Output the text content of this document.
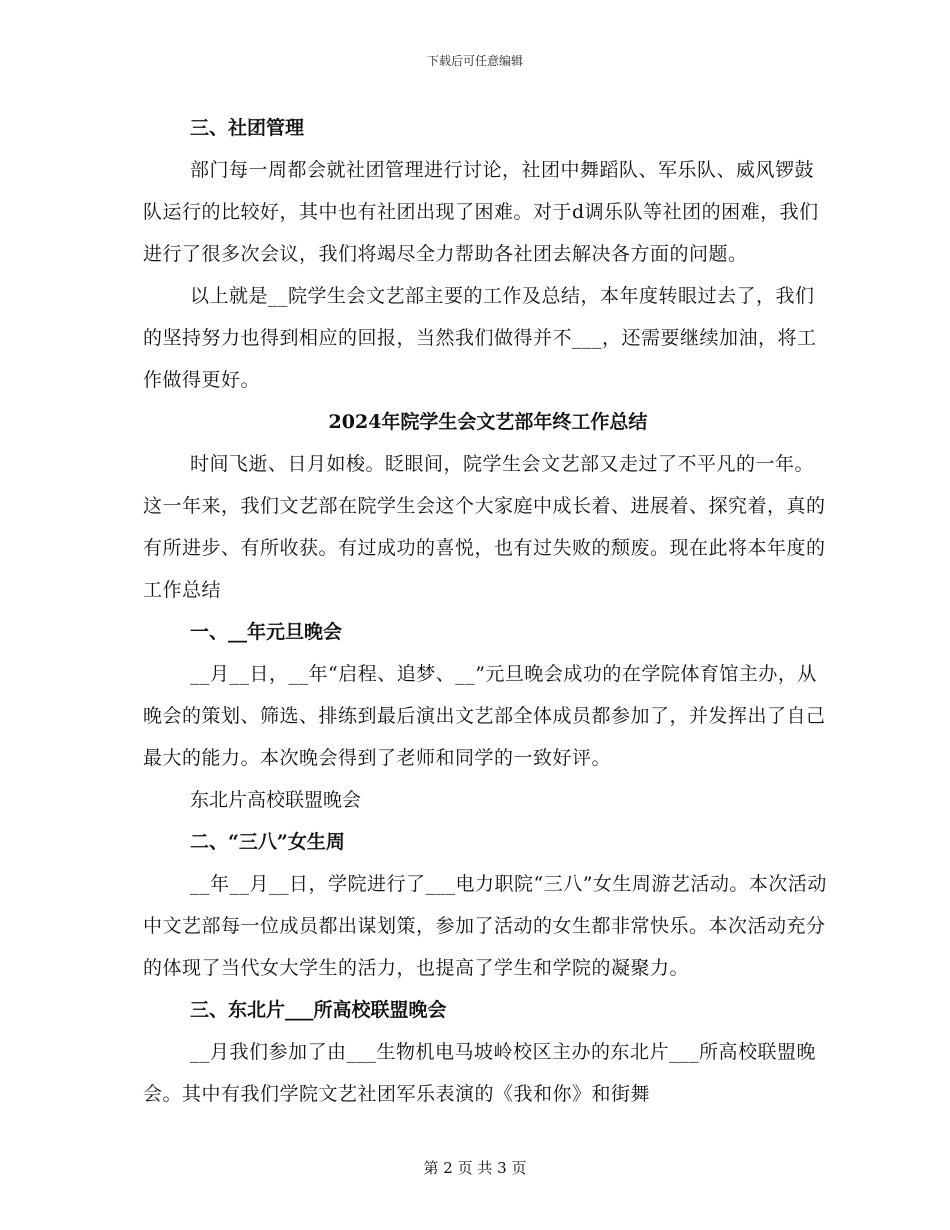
下载后可任意编辑

三、社团管理

部门每一周都会就社团管理进行讨论，社团中舞蹈队、军乐队、威风锣鼓队运行的比较好，其中也有社团出现了困难。对于d调乐队等社团的困难，我们进行了很多次会议，我们将竭尽全力帮助各社团去解决各方面的问题。

以上就是__院学生会文艺部主要的工作及总结，本年度转眼过去了，我们的坚持努力也得到相应的回报，当然我们做得并不___，还需要继续加油，将工作做得更好。

2024年院学生会文艺部年终工作总结

时间飞逝、日月如梭。眨眼间，院学生会文艺部又走过了不平凡的一年。这一年来，我们文艺部在院学生会这个大家庭中成长着、进展着、探究着，真的有所进步、有所收获。有过成功的喜悦，也有过失败的颓废。现在此将本年度的工作总结

一、__年元旦晚会

__月__日，__年“启程、追梦、__”元旦晚会成功的在学院体育馆主办，从晚会的策划、筛选、排练到最后演出文艺部全体成员都参加了，并发挥出了自己最大的能力。本次晚会得到了老师和同学的一致好评。

东北片高校联盟晚会

二、“三八”女生周

__年__月__日，学院进行了___电力职院“三八”女生周游艺活动。本次活动中文艺部每一位成员都出谋划策，参加了活动的女生都非常快乐。本次活动充分的体现了当代女大学生的活力，也提高了学生和学院的凝聚力。

三、东北片___所高校联盟晚会

__月我们参加了由___生物机电马坡岭校区主办的东北片___所高校联盟晚会。其中有我们学院文艺社团军乐表演的《我和你》和街舞

第 2 页 共 3 页
